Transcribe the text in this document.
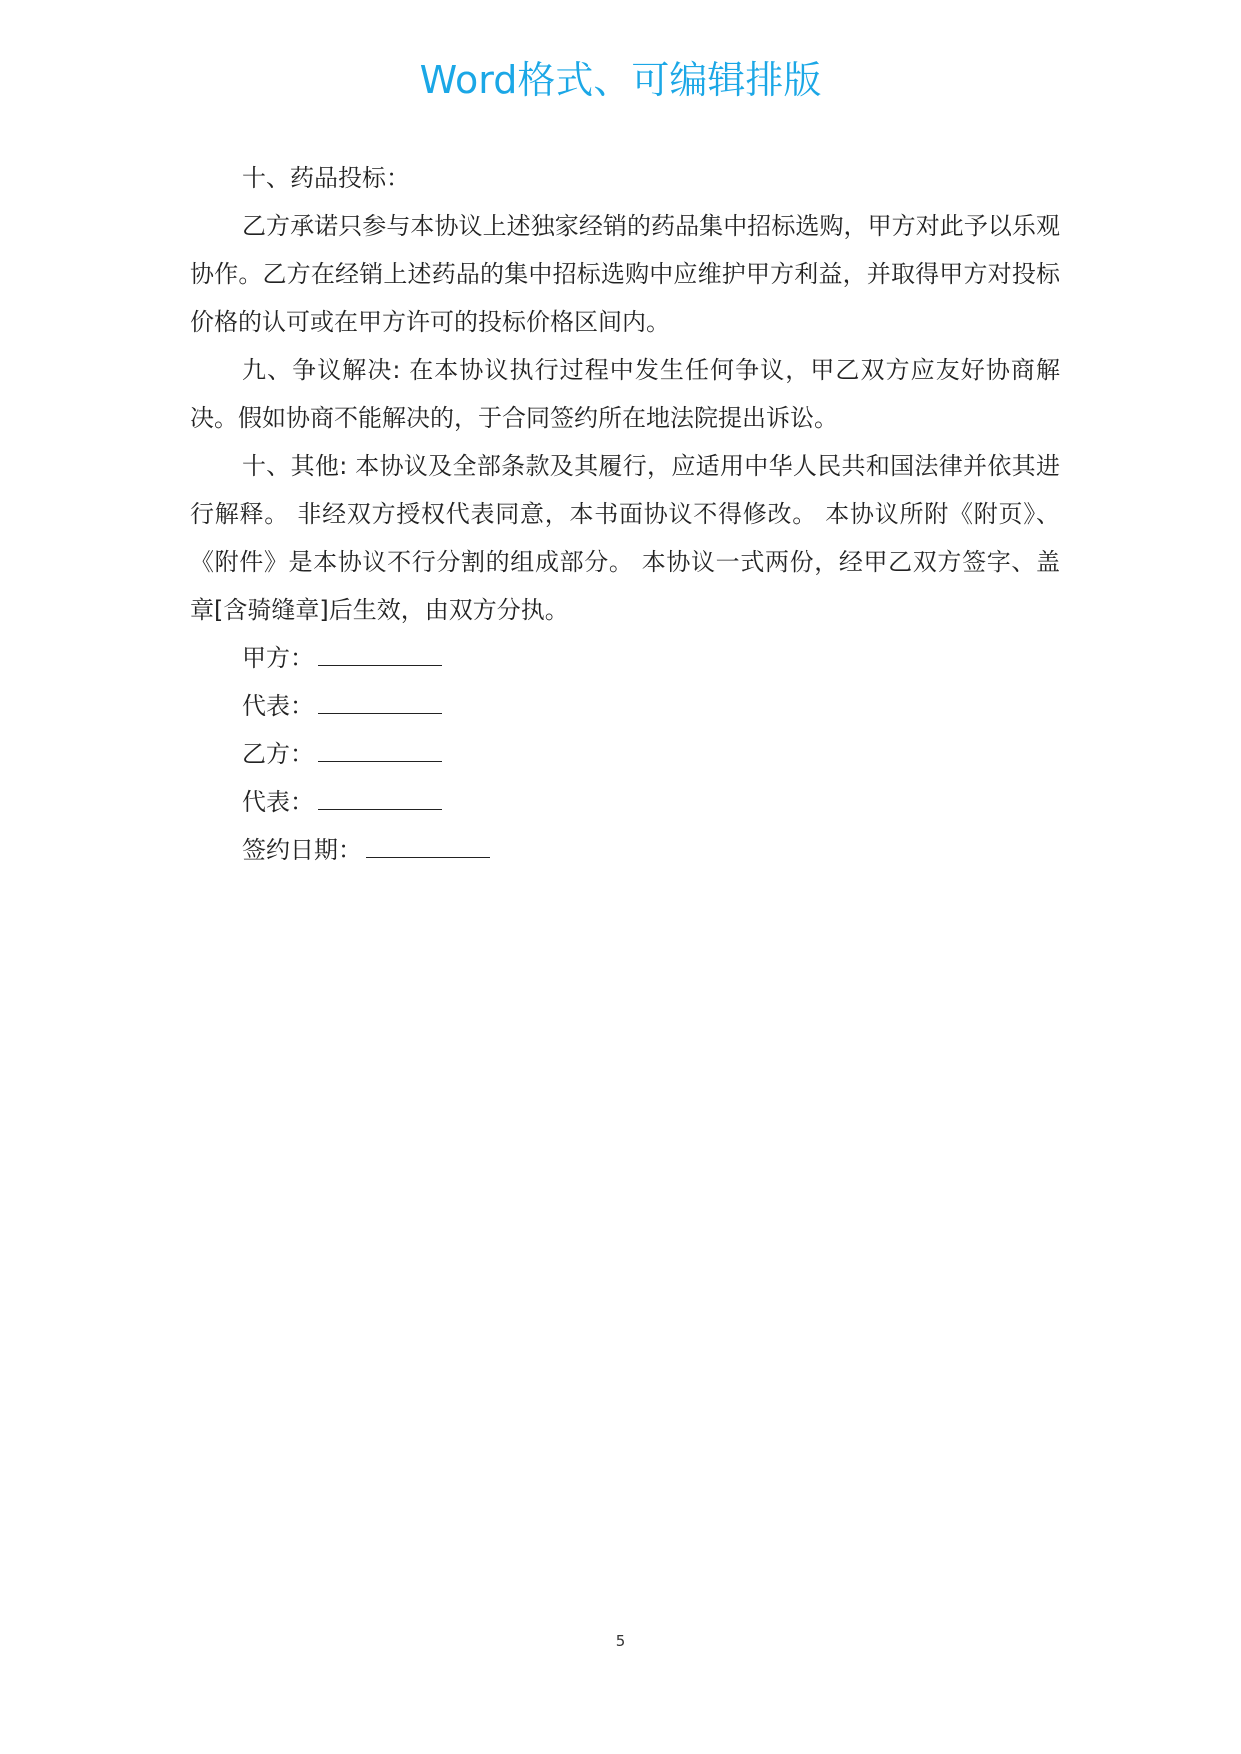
Word格式、可编辑排版

十、药品投标：

乙方承诺只参与本协议上述独家经销的药品集中招标选购，甲方对此予以乐观协作。乙方在经销上述药品的集中招标选购中应维护甲方利益，并取得甲方对投标价格的认可或在甲方许可的投标价格区间内。

九、争议解决: 在本协议执行过程中发生任何争议，甲乙双方应友好协商解决。假如协商不能解决的，于合同签约所在地法院提出诉讼。

十、其他: 本协议及全部条款及其履行，应适用中华人民共和国法律并依其进行解释。 非经双方授权代表同意，本书面协议不得修改。 本协议所附《附页》、《附件》是本协议不行分割的组成部分。 本协议一式两份，经甲乙双方签字、盖章[含骑缝章]后生效，由双方分执。

甲方：
代表：
乙方：
代表：
签约日期：
5
